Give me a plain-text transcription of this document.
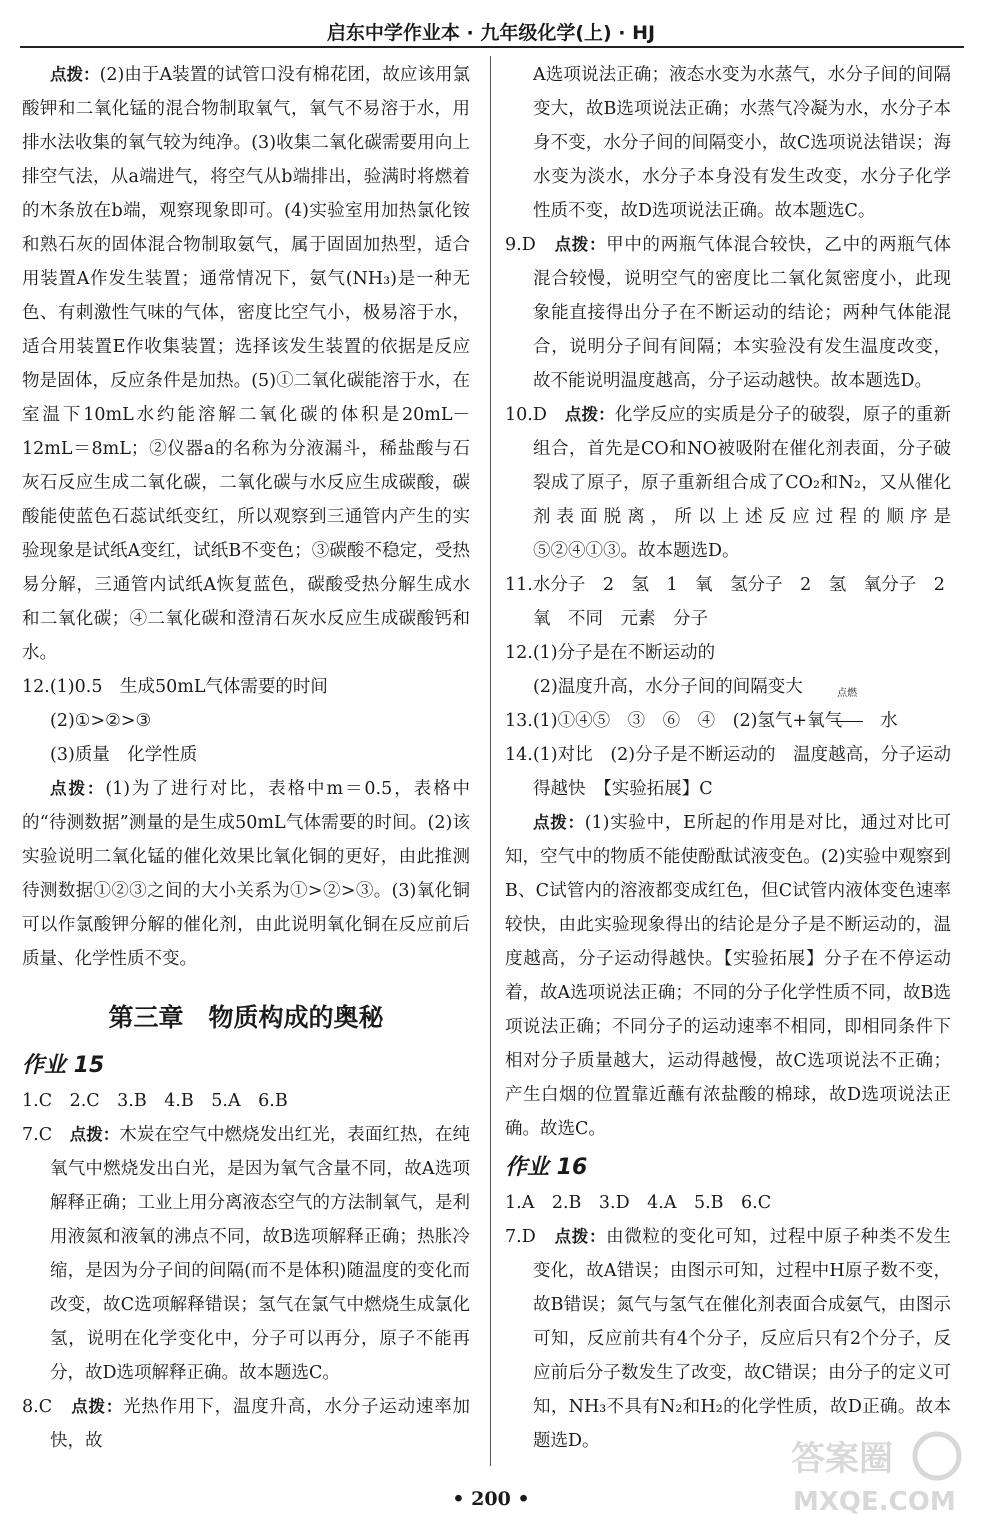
启东中学作业本 · 九年级化学(上) · HJ

点拨：(2)由于A装置的试管口没有棉花团，故应该用氯酸钾和二氧化锰的混合物制取氧气，氧气不易溶于水，用排水法收集的氧气较为纯净。(3)收集二氧化碳需要用向上排空气法，从a端进气，将空气从b端排出，验满时将燃着的木条放在b端，观察现象即可。(4)实验室用加热氯化铵和熟石灰的固体混合物制取氨气，属于固固加热型，适合用装置A作发生装置；通常情况下，氨气(NH₃)是一种无色、有刺激性气味的气体，密度比空气小，极易溶于水，适合用装置E作收集装置；选择该发生装置的依据是反应物是固体，反应条件是加热。(5)①二氧化碳能溶于水，在室温下10mL水约能溶解二氧化碳的体积是20mL－12mL＝8mL；②仪器a的名称为分液漏斗，稀盐酸与石灰石反应生成二氧化碳，二氧化碳与水反应生成碳酸，碳酸能使蓝色石蕊试纸变红，所以观察到三通管内产生的实验现象是试纸A变红，试纸B不变色；③碳酸不稳定，受热易分解，三通管内试纸A恢复蓝色，碳酸受热分解生成水和二氧化碳；④二氧化碳和澄清石灰水反应生成碳酸钙和水。

12.(1)0.5　生成50mL气体需要的时间

(2)①>②>③

(3)质量　化学性质

点拨：(1)为了进行对比，表格中m＝0.5，表格中的“待测数据”测量的是生成50mL气体需要的时间。(2)该实验说明二氧化锰的催化效果比氧化铜的更好，由此推测待测数据①②③之间的大小关系为①>②>③。(3)氧化铜可以作氯酸钾分解的催化剂，由此说明氧化铜在反应前后质量、化学性质不变。

第三章　物质构成的奥秘
作业 15

1.C　2.C　3.B　4.B　5.A　6.B

7.C　点拨：木炭在空气中燃烧发出红光，表面红热，在纯氧气中燃烧发出白光，是因为氧气含量不同，故A选项解释正确；工业上用分离液态空气的方法制氧气，是利用液氮和液氧的沸点不同，故B选项解释正确；热胀冷缩，是因为分子间的间隔(而不是体积)随温度的变化而改变，故C选项解释错误；氢气在氯气中燃烧生成氯化氢，说明在化学变化中，分子可以再分，原子不能再分，故D选项解释正确。故本题选C。

8.C　点拨：光热作用下，温度升高，水分子运动速率加快，故

A选项说法正确；液态水变为水蒸气，水分子间的间隔变大，故B选项说法正确；水蒸气冷凝为水，水分子本身不变，水分子间的间隔变小，故C选项说法错误；海水变为淡水，水分子本身没有发生改变，水分子化学性质不变，故D选项说法正确。故本题选C。

9.D　点拨：甲中的两瓶气体混合较快，乙中的两瓶气体混合较慢，说明空气的密度比二氧化氮密度小，此现象能直接得出分子在不断运动的结论；两种气体能混合，说明分子间有间隔；本实验没有发生温度改变，故不能说明温度越高，分子运动越快。故本题选D。

10.D　点拨：化学反应的实质是分子的破裂，原子的重新组合，首先是CO和NO被吸附在催化剂表面，分子破裂成了原子，原子重新组合成了CO₂和N₂，又从催化剂表面脱离，所以上述反应过程的顺序是⑤②④①③。故本题选D。

11.水分子　2　氢　1　氧　氢分子　2　氢　氧分子　2

氧　不同　元素　分子

12.(1)分子是在不断运动的

(2)温度升高，水分子间的间隔变大

13.(1)①④⑤　③　⑥　④　(2)氢气+氧气
点燃
水

14.(1)对比　(2)分子是不断运动的　温度越高，分子运动得越快　【实验拓展】C

点拨：(1)实验中，E所起的作用是对比，通过对比可知，空气中的物质不能使酚酞试液变色。(2)实验中观察到B、C试管内的溶液都变成红色，但C试管内液体变色速率较快，由此实验现象得出的结论是分子是不断运动的，温度越高，分子运动得越快。【实验拓展】分子在不停运动着，故A选项说法正确；不同的分子化学性质不同，故B选项说法正确；不同分子的运动速率不相同，即相同条件下相对分子质量越大，运动得越慢，故C选项说法不正确；产生白烟的位置靠近蘸有浓盐酸的棉球，故D选项说法正确。故选C。

作业 16

1.A　2.B　3.D　4.A　5.B　6.C

7.D　点拨：由微粒的变化可知，过程中原子种类不发生变化，故A错误；由图示可知，过程中H原子数不变，故B错误；氮气与氢气在催化剂表面合成氨气，由图示可知，反应前共有4个分子，反应后只有2个分子，反应前后分子数发生了改变，故C错误；由分子的定义可知，NH₃不具有N₂和H₂的化学性质，故D正确。故本题选D。

• 200 •
答案圈
MXQE.COM
